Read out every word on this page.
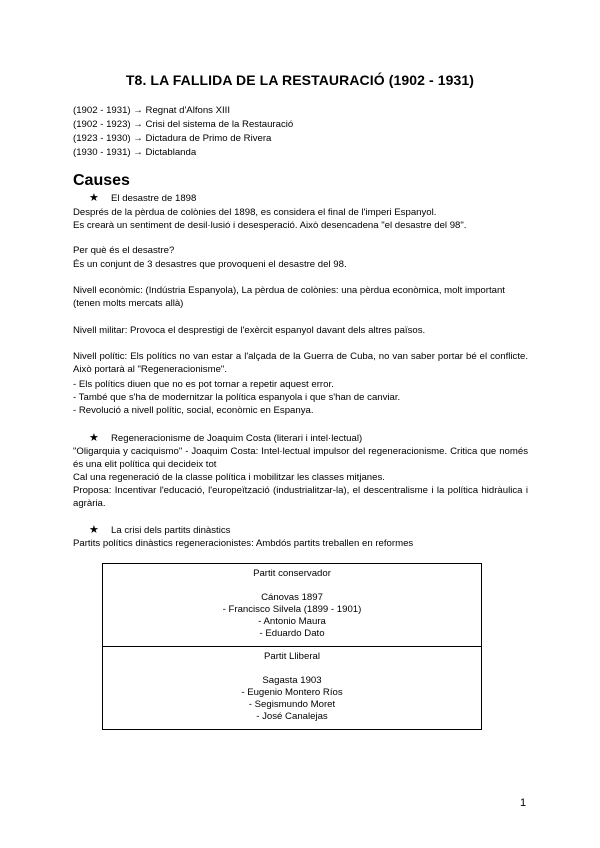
T8. LA FALLIDA DE LA RESTAURACIÓ (1902 - 1931)
(1902 - 1931) → Regnat d'Alfons XIII
(1902 - 1923) → Crisi del sistema de la Restauració
(1923 - 1930) → Dictadura de Primo de Rivera
(1930 - 1931) → Dictablanda
Causes
★ El desastre de 1898
Després de la pèrdua de colònies del 1898, es considera el final de l'imperi Espanyol.
Es crearà un sentiment de desil·lusió i desesperació. Això desencadena "el desastre del 98".
Per què és el desastre?
És un conjunt de 3 desastres que provoqueni el desastre del 98.
Nivell econòmic: (Indústria Espanyola), La pèrdua de colònies: una pèrdua econòmica, molt important (tenen molts mercats allà)
Nivell militar: Provoca el desprestigi de l'exèrcit espanyol davant dels altres països.
Nivell polític: Els polítics no van estar a l'alçada de la Guerra de Cuba, no van saber portar bé el conflicte. Això portarà al "Regeneracionisme".
- Els polítics diuen que no es pot tornar a repetir aquest error.
- També que s'ha de modernitzar la política espanyola i que s'han de canviar.
- Revolució a nivell polític, social, econòmic en Espanya.
★ Regeneracionisme de Joaquim Costa (literari i intel·lectual)
"Oligarquia y caciquismo" - Joaquim Costa: Intel·lectual impulsor del regeneracionisme. Critica que només és una elit política qui decideix tot
Cal una regeneració de la classe política i mobilitzar les classes mitjanes.
Proposa: Incentivar l'educació, l'europeïtzació (industrialitzar-la), el descentralisme i la política hidràulica i agrària.
★ La crisi dels partits dinàstics
Partits polítics dinàstics regeneracionistes: Ambdós partits treballen en reformes
Partit conservador
Cánovas 1897
- Francisco Silvela (1899 - 1901)
- Antonio Maura
- Eduardo Dato

Partit Lliberal
Sagasta 1903
- Eugenio Montero Ríos
- Segismundo Moret
- José Canalejas
1
